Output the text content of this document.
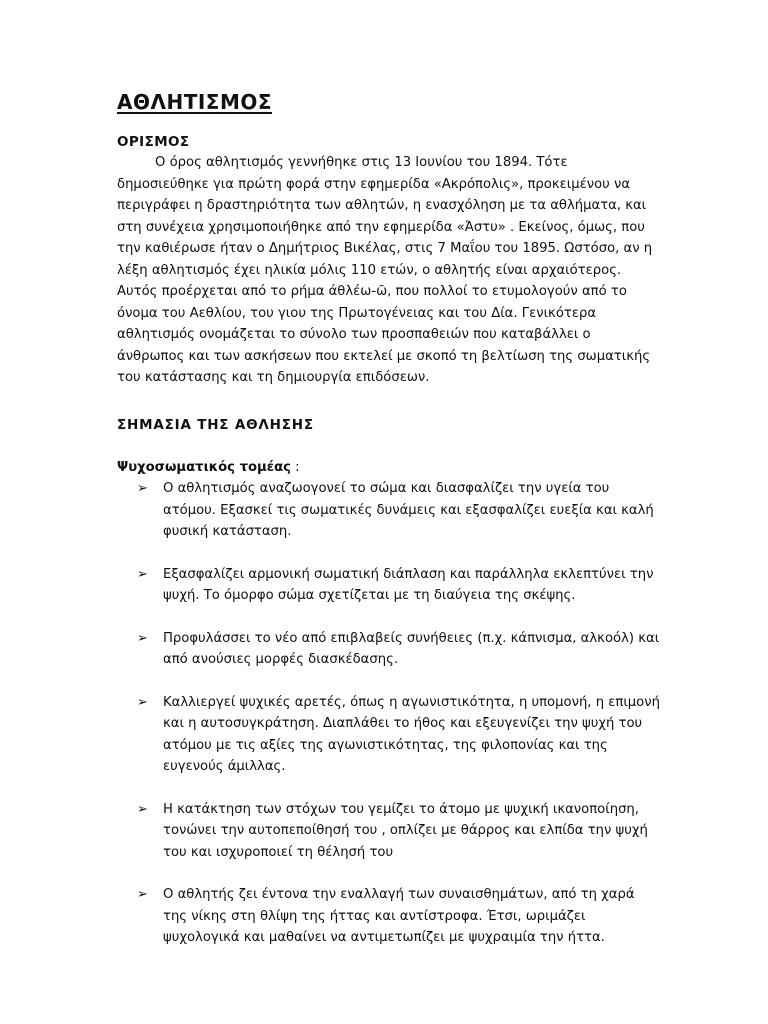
ΑΘΛΗΤΙΣΜΟΣ
ΟΡΙΣΜΟΣ

Ο όρος αθλητισμός γεννήθηκε στις 13 Ιουνίου του 1894. Τότε δημοσιεύθηκε για πρώτη φορά στην εφημερίδα «Ακρόπολις», προκειμένου να περιγράφει η δραστηριότητα των αθλητών, η ενασχόληση με τα αθλήματα, και στη συνέχεια χρησιμοποιήθηκε από την εφημερίδα «Άστυ» . Εκείνος, όμως, που την καθιέρωσε ήταν ο Δημήτριος Βικέλας, στις 7 Μαΐου του 1895. Ωστόσο, αν η λέξη αθλητισμός έχει ηλικία μόλις 110 ετών, ο αθλητής είναι αρχαιότερος. Αυτός προέρχεται από το ρήμα άθλέω-ῶ, που πολλοί το ετυμολογούν από το όνομα του Αεθλίου, του γιου της Πρωτογένειας και του Δία. Γενικότερα αθλητισμός ονομάζεται το σύνολο των προσπαθειών που καταβάλλει ο άνθρωπος και των ασκήσεων που εκτελεί με σκοπό τη βελτίωση της σωματικής του κατάστασης και τη δημιουργία επιδόσεων.

ΣΗΜΑΣΙΑ ΤΗΣ ΑΘΛΗΣΗΣ

Ψυχοσωματικός τομέας :

➢ Ο αθλητισμός αναζωογονεί το σώμα και διασφαλίζει την υγεία του ατόμου. Εξασκεί τις σωματικές δυνάμεις και εξασφαλίζει ευεξία και καλή φυσική κατάσταση.
➢ Εξασφαλίζει αρμονική σωματική διάπλαση και παράλληλα εκλεπτύνει την ψυχή. Το όμορφο σώμα σχετίζεται με τη διαύγεια της σκέψης.
➢ Προφυλάσσει το νέο από επιβλαβείς συνήθειες (π.χ. κάπνισμα, αλκοόλ) και από ανούσιες μορφές διασκέδασης.
➢ Καλλιεργεί ψυχικές αρετές, όπως η αγωνιστικότητα, η υπομονή, η επιμονή και η αυτοσυγκράτηση. Διαπλάθει το ήθος και εξευγενίζει την ψυχή του ατόμου με τις αξίες της αγωνιστικότητας, της φιλοπονίας και της ευγενούς άμιλλας.
➢ Η κατάκτηση των στόχων του γεμίζει το άτομο με ψυχική ικανοποίηση, τονώνει την αυτοπεποίθησή του , οπλίζει με θάρρος και ελπίδα την ψυχή του και ισχυροποιεί τη θέλησή του
➢ Ο αθλητής ζει έντονα την εναλλαγή των συναισθημάτων, από τη χαρά της νίκης στη θλίψη της ήττας και αντίστροφα. Έτσι, ωριμάζει ψυχολογικά και μαθαίνει να αντιμετωπίζει με ψυχραιμία την ήττα.
